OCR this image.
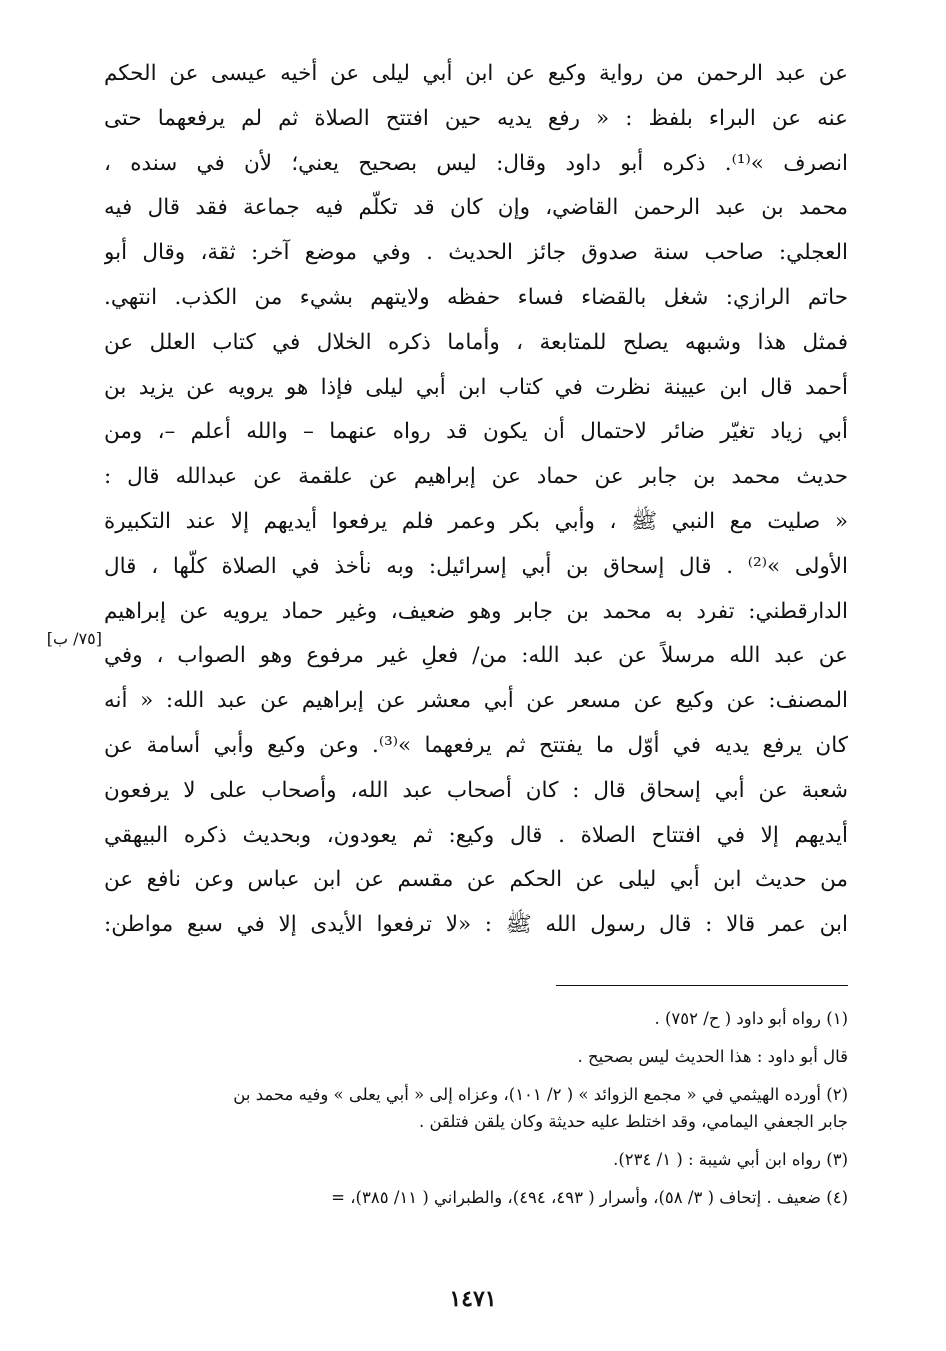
عن عبد الرحمن من رواية وكيع عن ابن أبي ليلى عن أخيه عيسى عن الحكم
عنه عن البراء بلفظ : « رفع يديه حين افتتح الصلاة ثم لم يرفعهما حتى
انصرف »⁽¹⁾. ذكره أبو داود وقال: ليس بصحيح يعني؛ لأن في سنده ،
محمد بن عبد الرحمن القاضي، وإن كان قد تكلّم فيه جماعة فقد قال فيه
العجلي: صاحب سنة صدوق جائز الحديث . وفي موضع آخر: ثقة، وقال أبو
حاتم الرازي: شغل بالقضاء فساء حفظه ولايتهم بشيء من الكذب. انتهي.
فمثل هذا وشبهه يصلح للمتابعة ، وأماما ذكره الخلال في كتاب العلل عن
أحمد قال ابن عيينة نظرت في كتاب ابن أبي ليلى فإذا هو يرويه عن يزيد بن
أبي زياد تغيّر ضائر لاحتمال أن يكون قد رواه عنهما – والله أعلم –، ومن
حديث محمد بن جابر عن حماد عن إبراهيم عن علقمة عن عبدالله قال :
« صليت مع النبي ﷺ ، وأبي بكر وعمر فلم يرفعوا أيديهم إلا عند التكبيرة
الأولى »⁽²⁾ . قال إسحاق بن أبي إسرائيل: وبه نأخذ في الصلاة كلّها ، قال
الدارقطني: تفرد به محمد بن جابر وهو ضعيف، وغير حماد يرويه عن إبراهيم
عن عبد الله مرسلاً عن عبد الله: من/ فعلِ غير مرفوع وهو الصواب ، وفي
المصنف: عن وكيع عن مسعر عن أبي معشر عن إبراهيم عن عبد الله: « أنه
كان يرفع يديه في أوّل ما يفتتح ثم يرفعهما »⁽³⁾. وعن وكيع وأبي أسامة عن
شعبة عن أبي إسحاق قال : كان أصحاب عبد الله، وأصحاب على لا يرفعون
أيديهم إلا في افتتاح الصلاة . قال وكيع: ثم يعودون، وبحديث ذكره البيهقي
من حديث ابن أبي ليلى عن الحكم عن مقسم عن ابن عباس وعن نافع عن
ابن عمر قالا : قال رسول الله ﷺ : «لا ترفعوا الأيدى إلا في سبع مواطن:
[٧٥/ ب]
(١) رواه أبو داود ( ح/ ٧٥٢) .
قال أبو داود : هذا الحديث ليس بصحيح .
(٢) أورده الهيثمي في « مجمع الزوائد » ( ٢/ ١٠١)، وعزاه إلى « أبي يعلى » وفيه محمد بن
جابر الجعفي اليمامي، وقد اختلط عليه حديثة وكان يلقن فتلقن .
(٣) رواه ابن أبي شيبة : ( ١/ ٢٣٤).
(٤) ضعيف . إتحاف ( ٣/ ٥٨)، وأسرار ( ٤٩٣، ٤٩٤)، والطبراني ( ١١/ ٣٨٥)، =
١٤٧١
